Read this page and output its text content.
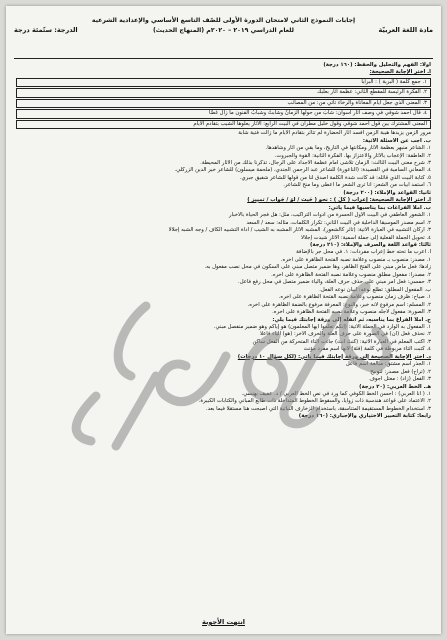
مادة اللغة العربيّة
إجابات النموذج الثاني لامتحان الدورة الأولى للصّف التاسع الأساسي والإعدادية الشرعية
للعام الدراسي ٢٠١٩ – ٢٠٢٠م (المنهاج الحديث)
الدرجة: ستّمئة درجة
أولاً: الفهم والتحليل والحفظ: (١٦٠ درجة)
أ. اختر الإجابة الصحيحة:
١. جمع كلمة ( البرية ) : البرايا
٢. الفكرة الرئيسة للمقطع الثاني: عظمة آثار بعلبك
٣. المعنى الذي جعل أيام المعاناة والرخاء تأتي من: من المصائب
٤. قال أحمد شوقي في وصف آثار أسوان: شابَ من حولها الزمانُ وشابتْ وشبابُ الفنون ما زال غضّا
المعنى المشترك بين قول أحمد شوقي وقول خليل مطران في البيت الرابع: الآثار يعلوها الشيب بتقادم الأيام
مرور الزمن يزيدها هيبة الزمن أفسد آثار الحضارة لم تتأثر بتقادم الأيام ما زالت فتية شابة
ب. أجب عن الأسئلة الآتية:
١. الشاعر منبهر بعظمة الآثار ومكانتها في التاريخ، وما بقي من آثار وشاهدها.
٢. العاطفة: الإعجاب بالآثار والاعتزاز بها. الفكرة الثانية: القوة والجبروت.
٣. شرح معنى البيت الثالث: الزمان تلاشى أمام عظمة الأجداد على الرجال، تذكرنا بذلك من الآثار المحيطة.
٤. المعاني السامية في القصيدة: (الناعورة) للشاعر عبد الرحمن الجندي، (ملحمة ميسلون) للشاعر خير الدين الزركلي.
٥. كتابة البيت الذي قائله: قد كانت شدة الكلمة أصدق لنا من قولها للشاعر شفيق جبري.
٦. استمد أبيات من الشعر: أنا ترى الشعر ما أعطى وما منح للشاعر.
ثانياً: القواعد والإملاء: (٢٠٠ درجة)
أ. اختر الإجابة الصحيحة: إعراب ( كلَّ ) : نحو ( حَيث / لوَ / جَواب / تميِيز )
ب. املأ الفراغات بما يناسبها فيما يأتي:
١. الشعور العاطفي في البيت الأول الحسرة من أدوات التراكيب، مثل: هل فجر الحياة بالأخبار
٢. اسم مصدر الموسيقا الداخلية في البيت الثاني: تكرار الكلمات، مثاله: سعد / السعد
٣. أركان التشبيه في العبارة الآتية: (تأثر كالشعور)، المشبه الآثار المشبه به الشيب / أداة التشبيه الكاف / وجه الشبه إجلالاً
٤. تحويل الجملة الفعلية إلى جملة اسمية: الآثار شيدت إجلالاً
ثالثاً: قواعد اللغة والصرف والإملاء: (٢١٠ درجة)
أ. أعرب ما تحته خطّ إعراب مفردات: ١. في محل جر بالإضافة
١. مصدر: منصوب بـ منصوب وعلامة نصبه الفتحة الظاهرة على آخره.
زادها: فعل ماض مبني على الفتح الظاهر، وها ضمير متصل مبني على السكون في محل نصب مفعول به.
٢. مصدراً: مفعول مطلق منصوب وعلامة نصبه الفتحة الظاهرة على آخره.
٣. حمسي: فعل أمر مبني على حذف حرف العلة، والياء ضمير متصل في محل رفع فاعل.
ب. المفعول المطلق: تطلع نوعه: لبيان نوعه الفعل.
١. صياح: ظرف زمان منصوب وعلامة نصبه الفتحة الظاهرة على آخره.
٢. المسلم: اسم مرفوع لأنه خبر، والنوع: المعرفة مرفوع بالضمة الظاهرة على آخره.
٣. الصورة: مفعول لأجله منصوب وعلامة نصبه الفتحة الظاهرة على آخره.
ج. املأ الفراغ بما يناسبه، ثم انقله إلى ورقة إجابتك فيما يلي:
١. المفعول به الوارد في الجملة الآتية: (إنكم تعلّموا أيها المعلمون) هو إياكم وهو ضمير منفصل مبني.
٢. نحذف فعل (أن) في الصورة على حرف العلة والحرف الآخر: (هو) الياء فاعلاً
٣. أكتب المعلم في العبارة الآتية: (كنتُ أنتَ) جاءت التاء المتحركة من الفعل ساكن
٤. كتبت التاء مربوطة في كلمة (فئة) لأنها اسم مفرد مؤنث
د. اختر الإجابة الصحيحة إلى ورقة إجابتك فيما يأتي: (لكل سؤال ١٠ درجات)
١. الجذر اسم مشتق: مبالغة اسم فاعل
٢. (تراح) فعل مصدر: لتوبيخ
٣. الفعل (زاد) : معتل أجوف
هـ. الخط العربي: (٢٠ درجة)
١. ( أنا العربي) : أحسن الخط الكوفي كما ورد في نص الخط العربي / د. عفيف بهنسي.
٢. الاعتماد على قواعد هندسية ذات زوايا، والسقوط الخطوط المتداخلة ذات طابع المباني والكتابات الكبيرة.
٣. استخدام الخطوط المستقيمة المتناسقة، باستخدام الزخارف النباتية التي أصبحت هنا مستقلاً فيما بعد.
رابعاً: كتابة التعبير الاختياري والإجباري: (١٦٠ درجة)
انتهت الأجوبة
